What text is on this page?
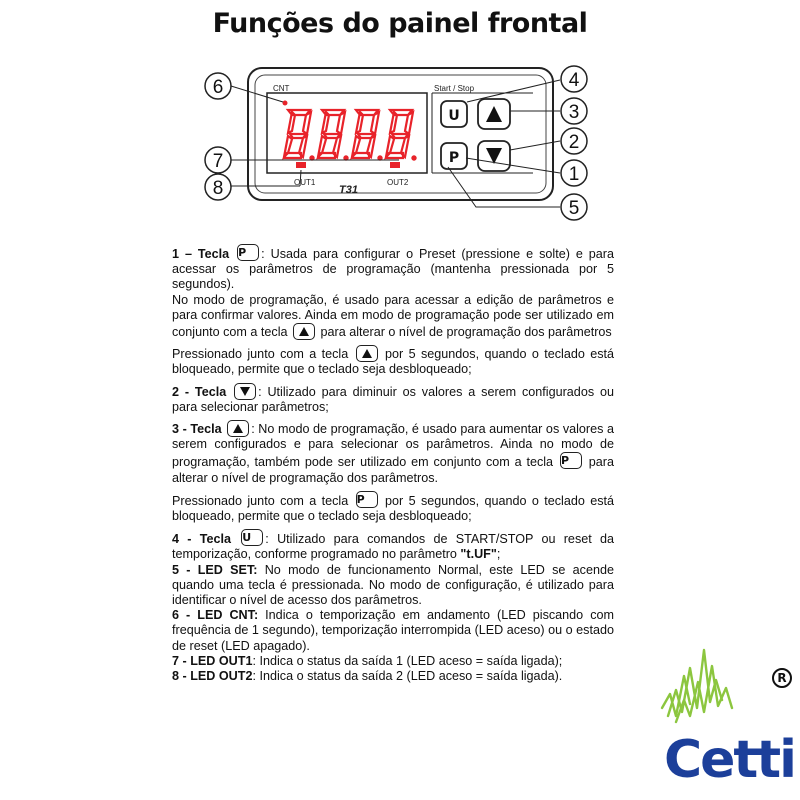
Funções do painel frontal
CNT	Start / Stop
OUT1	OUT2
T31
U
P
6
7
8
4
3
2
1
5

1 – Tecla P	: Usada para configurar o Preset (pressione e solte) e para acessar os parâmetros de programação (mantenha pressionada por 5 segundos).

No modo de programação, é usado para acessar a edição de parâmetros e para confirmar valores. Ainda em modo de programação pode ser utilizado em conjunto com a tecla	para alterar o nível de programação dos parâmetros

Pressionado junto com a tecla	por 5 segundos, quando o teclado está bloqueado, permite que o teclado seja desbloqueado;

2 - Tecla	: Utilizado para diminuir os valores a serem configurados ou para selecionar parâmetros;

3 - Tecla : No modo de programação, é usado para aumentar os valores a serem configurados e para selecionar os parâmetros. Ainda no modo de programação, também pode ser utilizado em conjunto com a tecla P	para alterar o nível de programação dos parâmetros.

Pressionado junto com a tecla P	por 5 segundos, quando o teclado está bloqueado, permite que o teclado seja desbloqueado;

4 - Tecla U	: Utilizado para comandos de START/STOP ou reset da temporização, conforme programado no parâmetro "t.UF";

5 - LED SET: No modo de funcionamento Normal, este LED se acende quando uma tecla é pressionada. No modo de configuração, é utilizado para identificar o nível de acesso dos parâmetros.

6 - LED CNT: Indica o temporização em andamento (LED piscando com frequência de 1 segundo), temporização interrompida (LED aceso) ou o estado de reset (LED apagado).

7 - LED OUT1: Indica o status da saída 1 (LED aceso = saída ligada);

8 - LED OUT2: Indica o status da saída 2 (LED aceso = saída ligada).	R
Cetti
